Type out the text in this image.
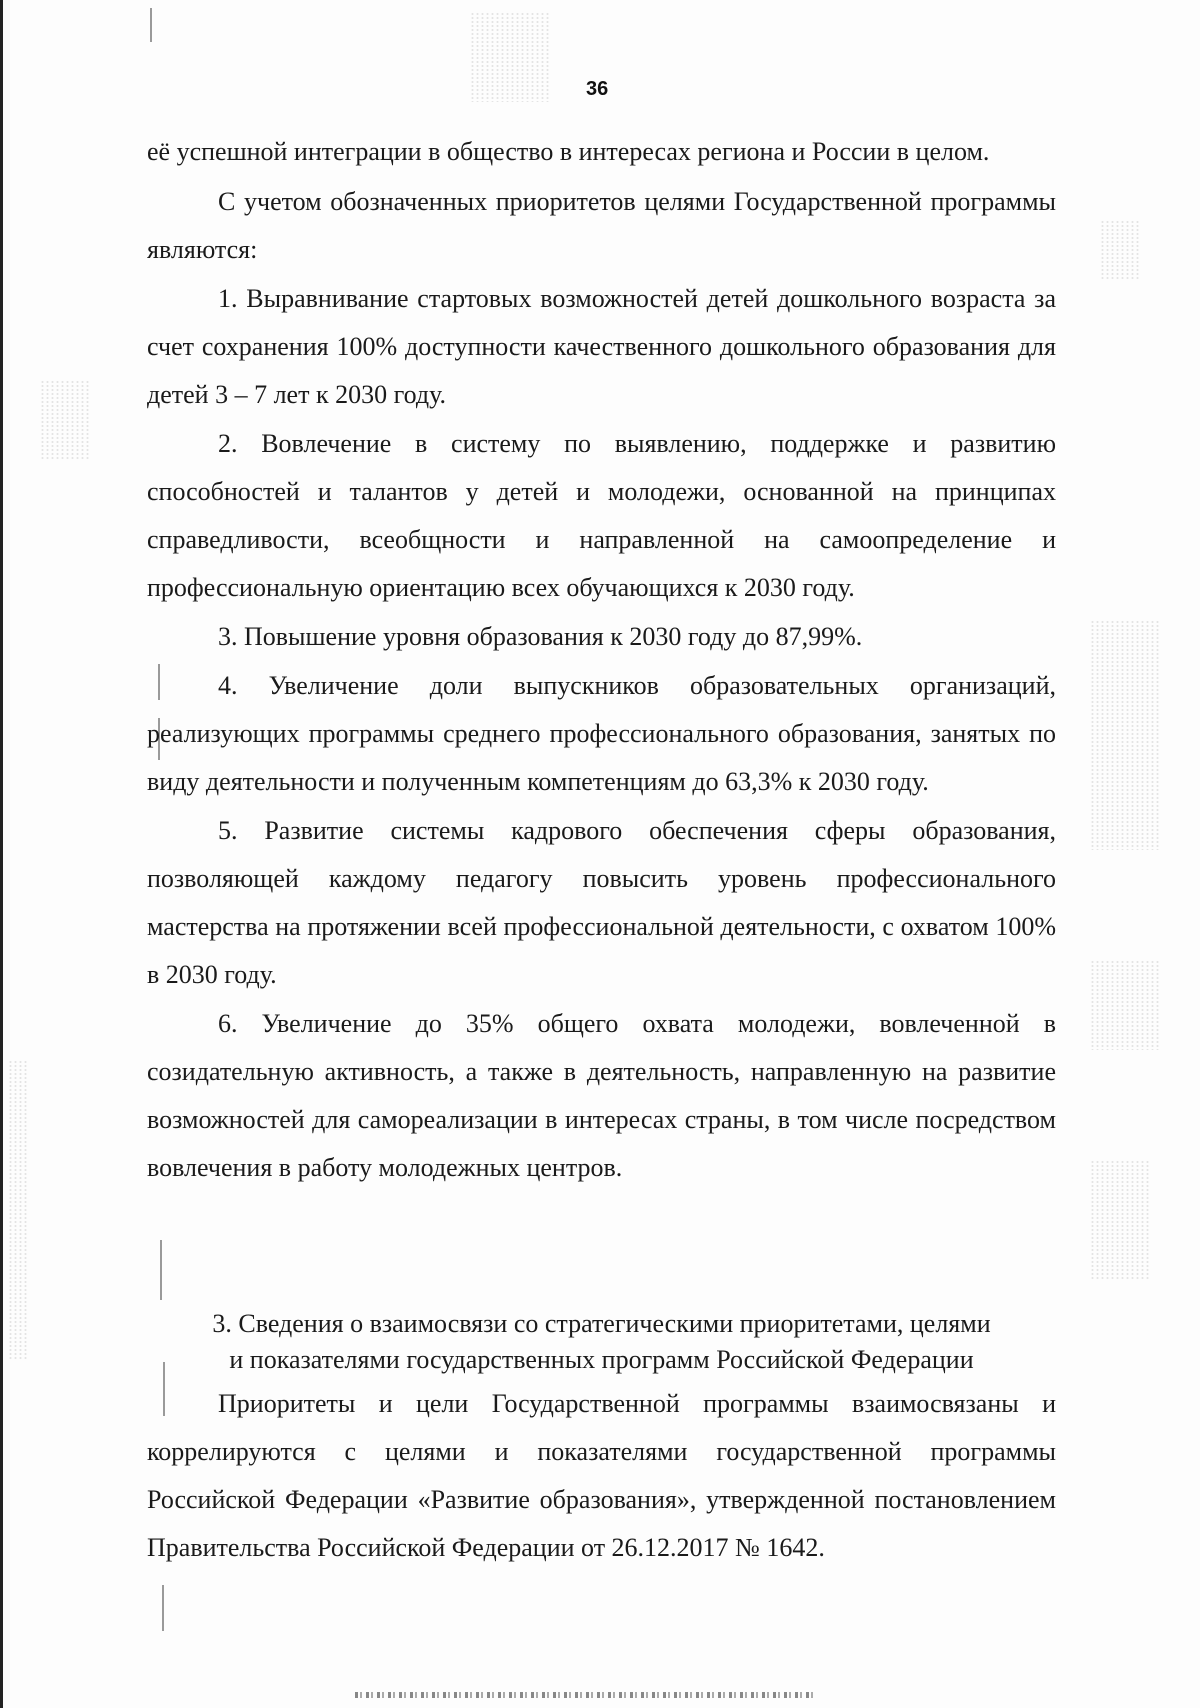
36

её успешной интеграции в общество в интересах региона и России в целом.

С учетом обозначенных приоритетов целями Государственной программы являются:

1. Выравнивание стартовых возможностей детей дошкольного возраста за счет сохранения 100% доступности качественного дошкольного образования для детей 3 – 7 лет к 2030 году.

2. Вовлечение в систему по выявлению, поддержке и развитию способностей и талантов у детей и молодежи, основанной на принципах справедливости, всеобщности и направленной на самоопределение и профессиональную ориентацию всех обучающихся к 2030 году.

3. Повышение уровня образования к 2030 году до 87,99%.

4. Увеличение доли выпускников образовательных организаций, реализующих программы среднего профессионального образования, занятых по виду деятельности и полученным компетенциям до 63,3% к 2030 году.

5. Развитие системы кадрового обеспечения сферы образования, позволяющей каждому педагогу повысить уровень профессионального мастерства на протяжении всей профессиональной деятельности, с охватом 100% в 2030 году.

6. Увеличение до 35% общего охвата молодежи, вовлеченной в созидательную активность, а также в деятельность, направленную на развитие возможностей для самореализации в интересах страны, в том числе посредством вовлечения в работу молодежных центров.

3. Сведения о взаимосвязи со стратегическими приоритетами, целями
и показателями государственных программ Российской Федерации

Приоритеты и цели Государственной программы взаимосвязаны и коррелируются с целями и показателями государственной программы Российской Федерации «Развитие образования», утвержденной постановлением Правительства Российской Федерации от 26.12.2017 № 1642.
